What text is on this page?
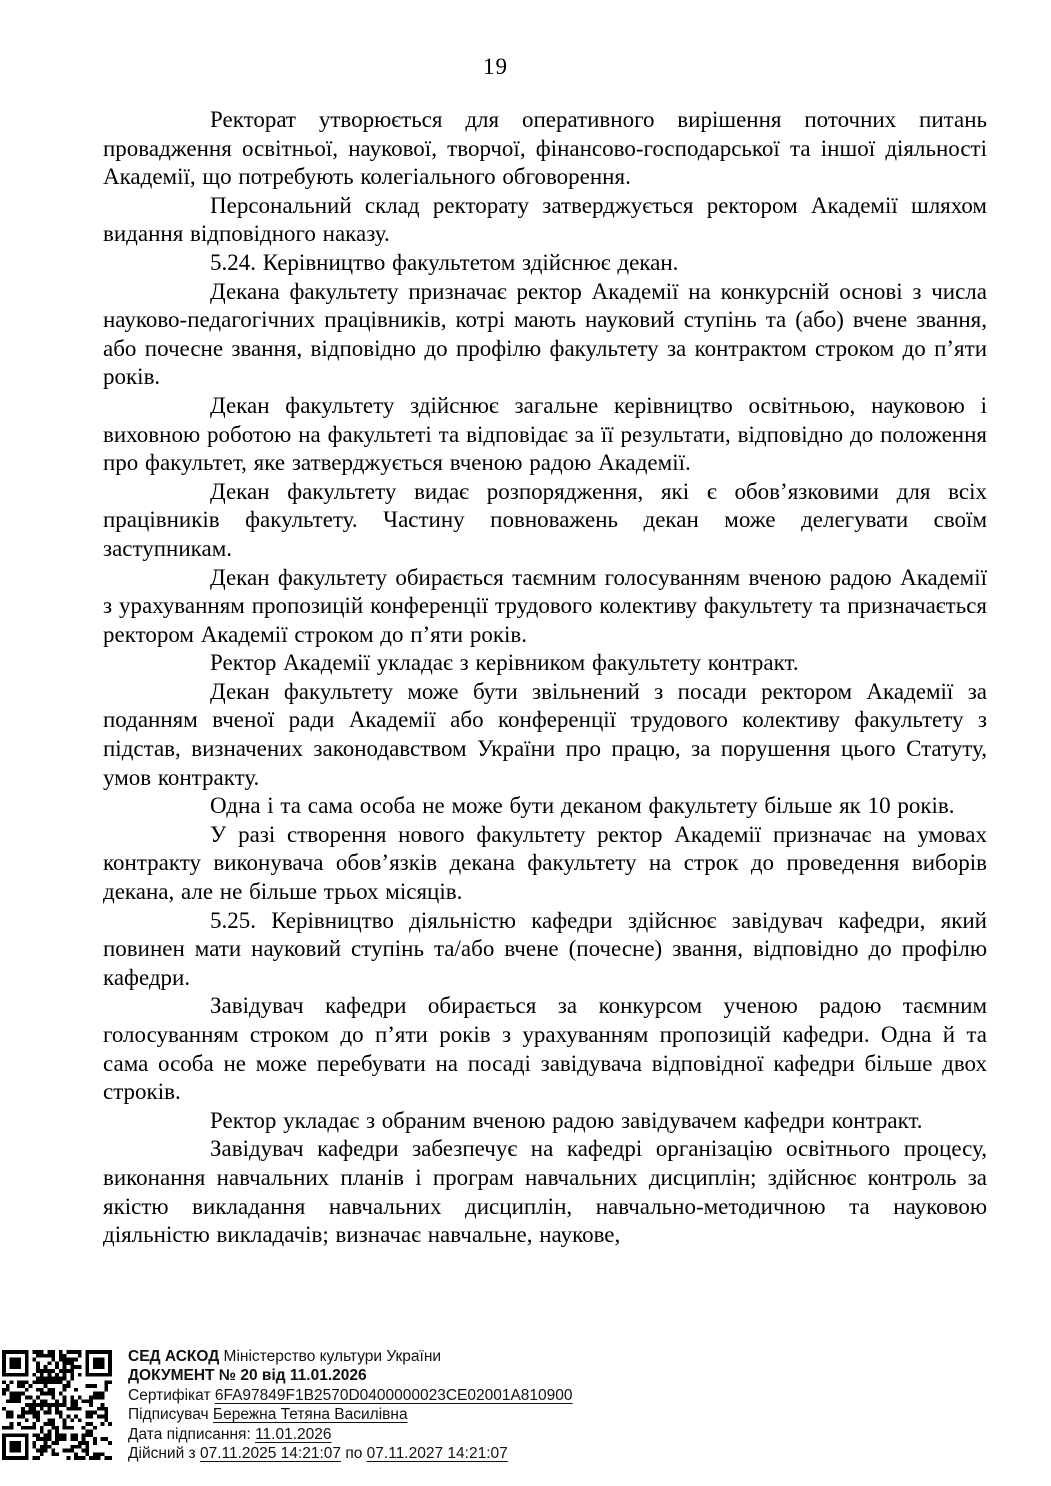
19

Ректорат утворюється для оперативного вирішення поточних питань провадження освітньої, наукової, творчої, фінансово-господарської та іншої діяльності Академії, що потребують колегіального обговорення.

Персональний склад ректорату затверджується ректором Академії шляхом видання відповідного наказу.

5.24. Керівництво факультетом здійснює декан.

Декана факультету призначає ректор Академії на конкурсній основі з числа науково-педагогічних працівників, котрі мають науковий ступінь та (або) вчене звання, або почесне звання, відповідно до профілю факультету за контрактом строком до п’яти років.

Декан факультету здійснює загальне керівництво освітньою, науковою і виховною роботою на факультеті та відповідає за її результати, відповідно до положення про факультет, яке затверджується вченою радою Академії.

Декан факультету видає розпорядження, які є обов’язковими для всіх працівників факультету. Частину повноважень декан може делегувати своїм заступникам.

Декан факультету обирається таємним голосуванням вченою радою Академії з урахуванням пропозицій конференції трудового колективу факультету та призначається ректором Академії строком до п’яти років.

Ректор Академії укладає з керівником факультету контракт.

Декан факультету може бути звільнений з посади ректором Академії за поданням вченої ради Академії або конференції трудового колективу факультету з підстав, визначених законодавством України про працю, за порушення цього Статуту, умов контракту.

Одна і та сама особа не може бути деканом факультету більше як 10 років.

У разі створення нового факультету ректор Академії призначає на умовах контракту виконувача обов’язків декана факультету на строк до проведення виборів декана, але не більше трьох місяців.

5.25. Керівництво діяльністю кафедри здійснює завідувач кафедри, який повинен мати науковий ступінь та/або вчене (почесне) звання, відповідно до профілю кафедри.

Завідувач кафедри обирається за конкурсом ученою радою таємним голосуванням строком до п’яти років з урахуванням пропозицій кафедри. Одна й та сама особа не може перебувати на посаді завідувача відповідної кафедри більше двох строків.

Ректор укладає з обраним вченою радою завідувачем кафедри контракт.

Завідувач кафедри забезпечує на кафедрі організацію освітнього процесу, виконання навчальних планів і програм навчальних дисциплін; здійснює контроль за якістю викладання навчальних дисциплін, навчально-методичною та науковою діяльністю викладачів; визначає навчальне, наукове,

СЕД АСКОД Міністерство культури України
ДОКУМЕНТ № 20 від 11.01.2026
Сертифікат 6FA97849F1B2570D0400000023CE02001A810900
Підписувач Бережна Тетяна Василівна
Дата підписання: 11.01.2026
Дійсний з 07.11.2025 14:21:07 по 07.11.2027 14:21:07
